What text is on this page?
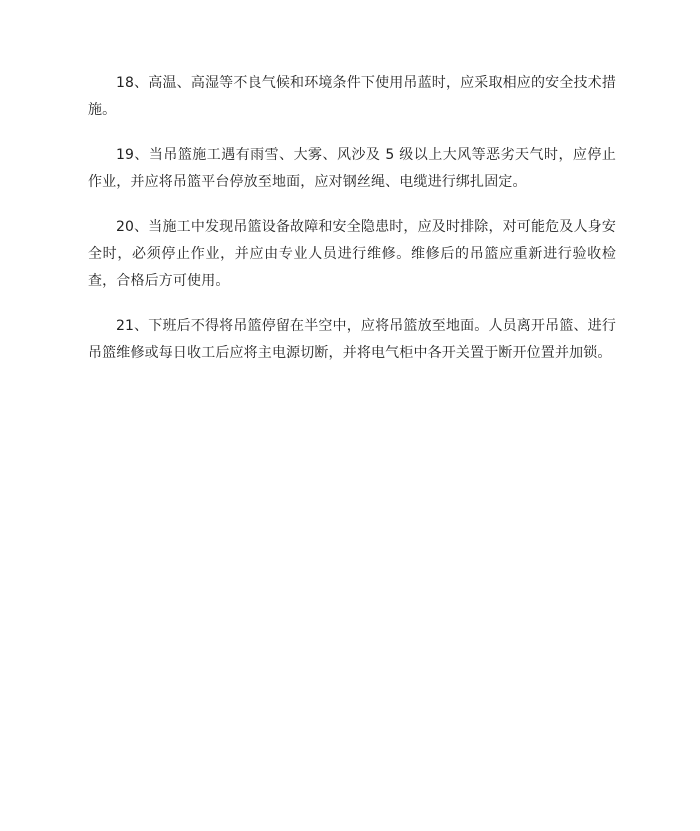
18、高温、高湿等不良气候和环境条件下使用吊蓝时，应采取相应的安全技术措施。

19、当吊篮施工遇有雨雪、大雾、风沙及 5 级以上大风等恶劣天气时，应停止作业，并应将吊篮平台停放至地面，应对钢丝绳、电缆进行绑扎固定。

20、当施工中发现吊篮设备故障和安全隐患时，应及时排除，对可能危及人身安全时，必须停止作业，并应由专业人员进行维修。维修后的吊篮应重新进行验收检查，合格后方可使用。

21、下班后不得将吊篮停留在半空中，应将吊篮放至地面。人员离开吊篮、进行吊篮维修或每日收工后应将主电源切断，并将电气柜中各开关置于断开位置并加锁。
